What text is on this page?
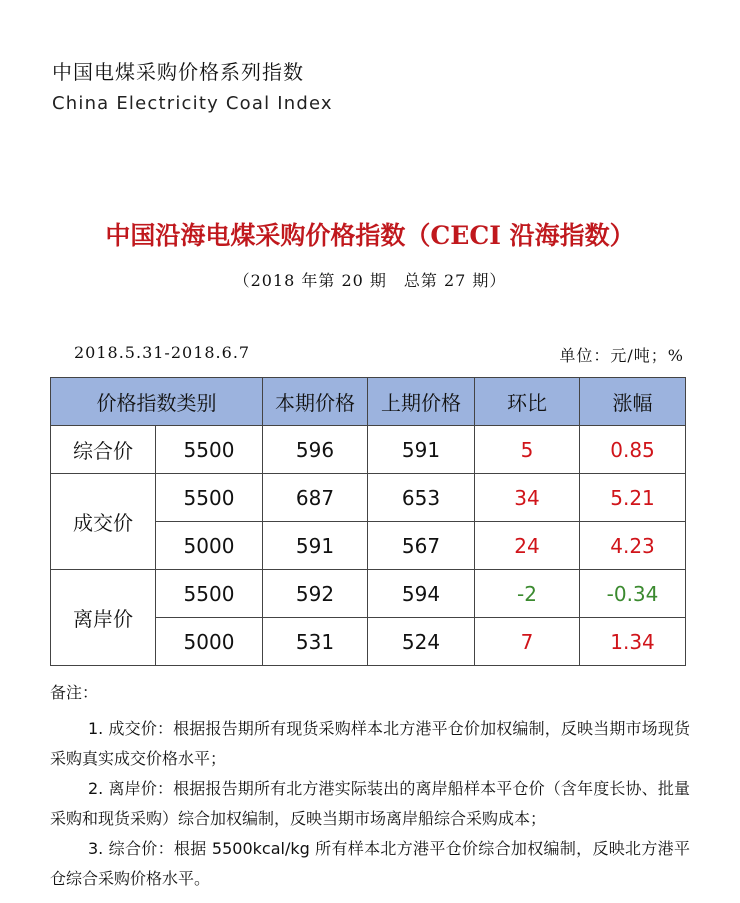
中国电煤采购价格系列指数
China Electricity Coal Index
中国沿海电煤采购价格指数（CECI 沿海指数）
（2018 年第 20 期　总第 27 期）
2018.5.31-2018.6.7	单位：元/吨；%
价格指数类别		本期价格	上期价格	环比	涨幅
综合价	5500	596	591	5	0.85
成交价	5500	687	653	34	5.21
	5000	591	567	24	4.23
离岸价	5500	592	594	-2	-0.34
	5000	531	524	7	1.34
备注：

1. 成交价：根据报告期所有现货采购样本北方港平仓价加权编制，反映当期市场现货采购真实成交价格水平；

2. 离岸价：根据报告期所有北方港实际装出的离岸船样本平仓价（含年度长协、批量采购和现货采购）综合加权编制，反映当期市场离岸船综合采购成本；

3. 综合价：根据 5500kcal/kg 所有样本北方港平仓价综合加权编制，反映北方港平仓综合采购价格水平。
